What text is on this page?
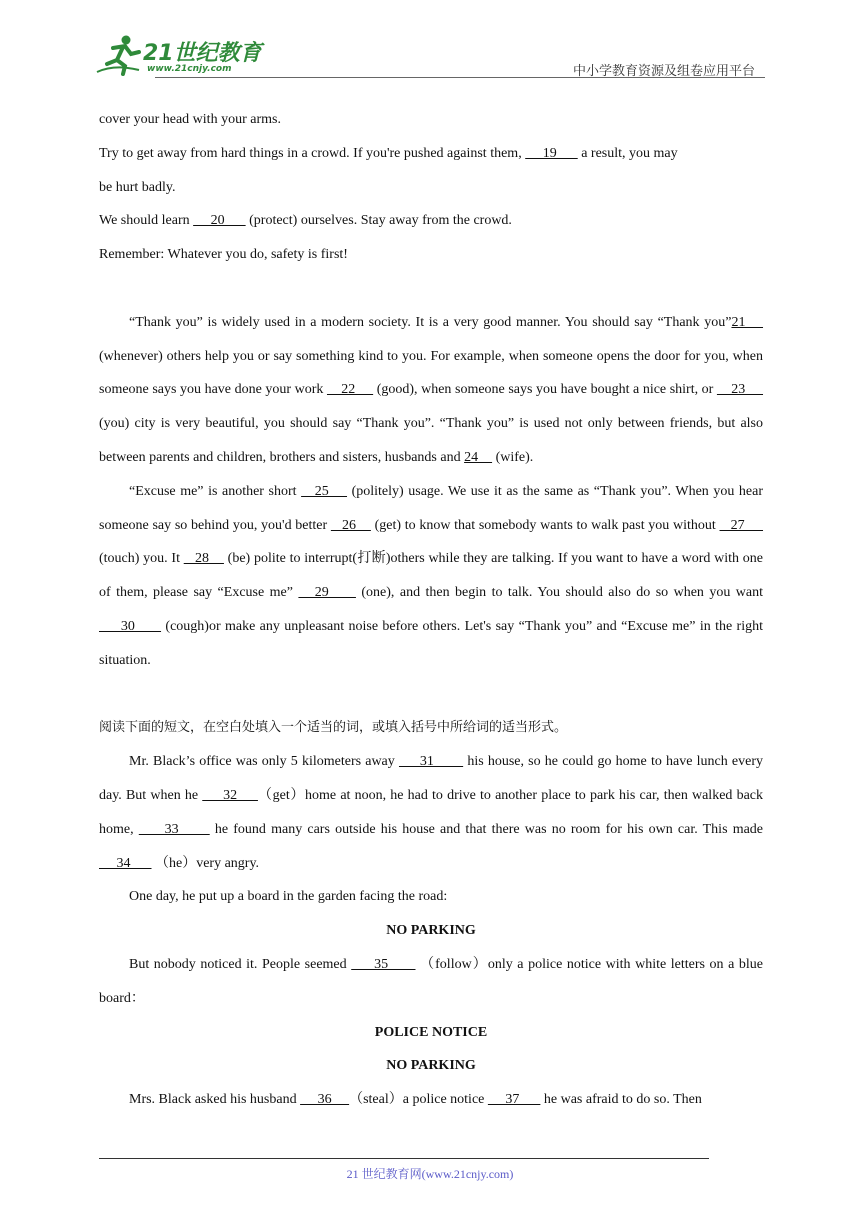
21世纪教育
www.21cnjy.com	中小学教育资源及组卷应用平台

cover your head with your arms.

Try to get away from hard things in a crowd. If you're pushed against them,      19       a result, you may

be hurt badly.

We should learn      20       (protect) ourselves. Stay away from the crowd.

Remember: Whatever you do, safety is first!

“Thank you” is widely used in a modern society. It is a very good manner. You should say “Thank you”21     (whenever) others help you or say something kind to you. For example, when someone opens the door for you, when someone says you have done your work     22      (good), when someone says you have bought a nice shirt, or     23      (you) city is very beautiful, you should say “Thank you”. “Thank you” is used not only between friends, but also between parents and children, brothers and sisters, husbands and 24     (wife).

“Excuse me” is another short    25     (politely) usage. We use it as the same as “Thank you”. When you hear someone say so behind you, you'd better    26     (get) to know that somebody wants to walk past you without    27      (touch) you. It    28     (be) polite to interrupt(打断)others while they are talking. If you want to have a word with one of them, please say “Excuse me”    29      (one), and then begin to talk. You should also do so when you want      30       (cough)or make any unpleasant noise before others. Let's say “Thank you” and “Excuse me” in the right situation.

阅读下面的短文，在空白处填入一个适当的词，或填入括号中所给词的适当形式。

Mr. Black’s office was only 5 kilometers away      31        his house, so he could go home to have lunch every day. But when he      32     （get）home at noon, he had to drive to another place to park his car, then walked back home,      33       he found many cars outside his house and that there was no room for his own car. This made      34       （he）very angry.

One day, he put up a board in the garden facing the road:

NO PARKING

But nobody noticed it. People seemed      35       （follow）only a police notice with white letters on a blue board：

POLICE NOTICE

NO PARKING

Mrs. Black asked his husband      36     （steal）a police notice      37       he was afraid to do so. Then

21 世纪教育网(www.21cnjy.com)
